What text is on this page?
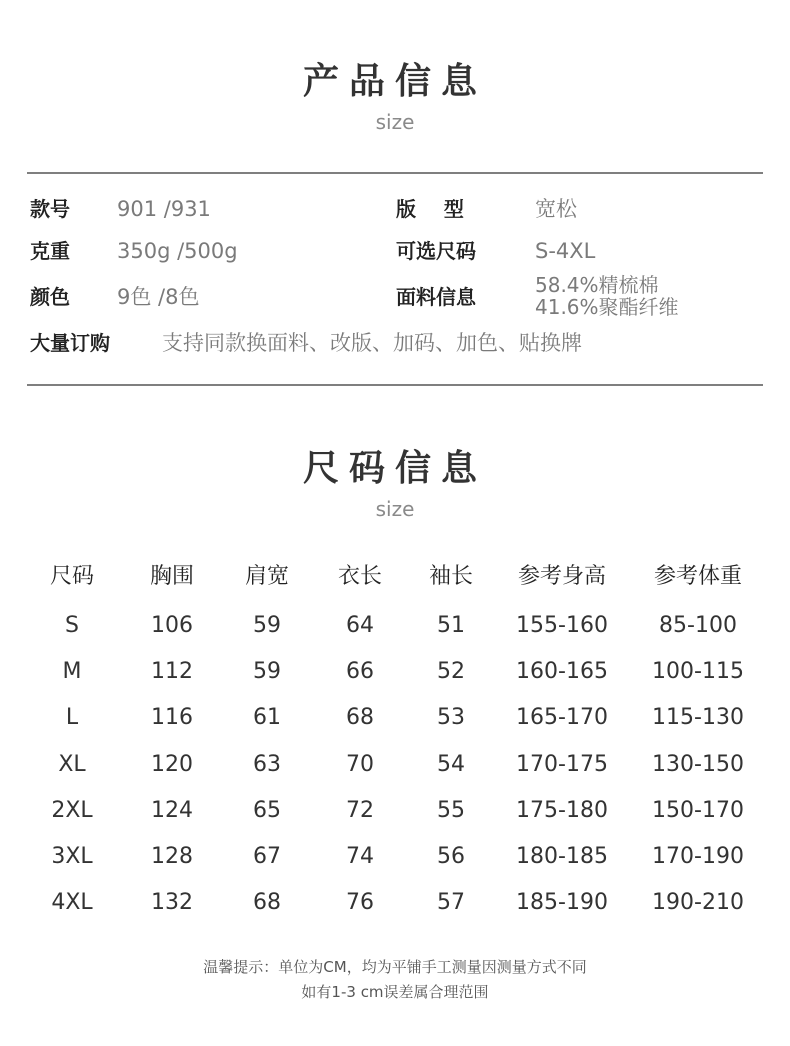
产品信息
size
款号 901 /931	版    型	宽松
克重 350g /500g	可选尺码	S-4XL
颜色 9色 /8色	面料信息	58.4%精梳棉
41.6%聚酯纤维
大量订购 支持同款换面料、改版、加码、加色、贴换牌
尺码信息
size
尺码	胸围	肩宽	衣长	袖长	参考身高	参考体重
S	106	59	64	51	155-160	85-100
M	112	59	66	52	160-165	100-115
L	116	61	68	53	165-170	115-130
XL	120	63	70	54	170-175	130-150
2XL	124	65	72	55	175-180	150-170
3XL	128	67	74	56	180-185	170-190
4XL	132	68	76	57	185-190	190-210
温馨提示：单位为CM，均为平铺手工测量因测量方式不同
如有1-3 cm误差属合理范围
